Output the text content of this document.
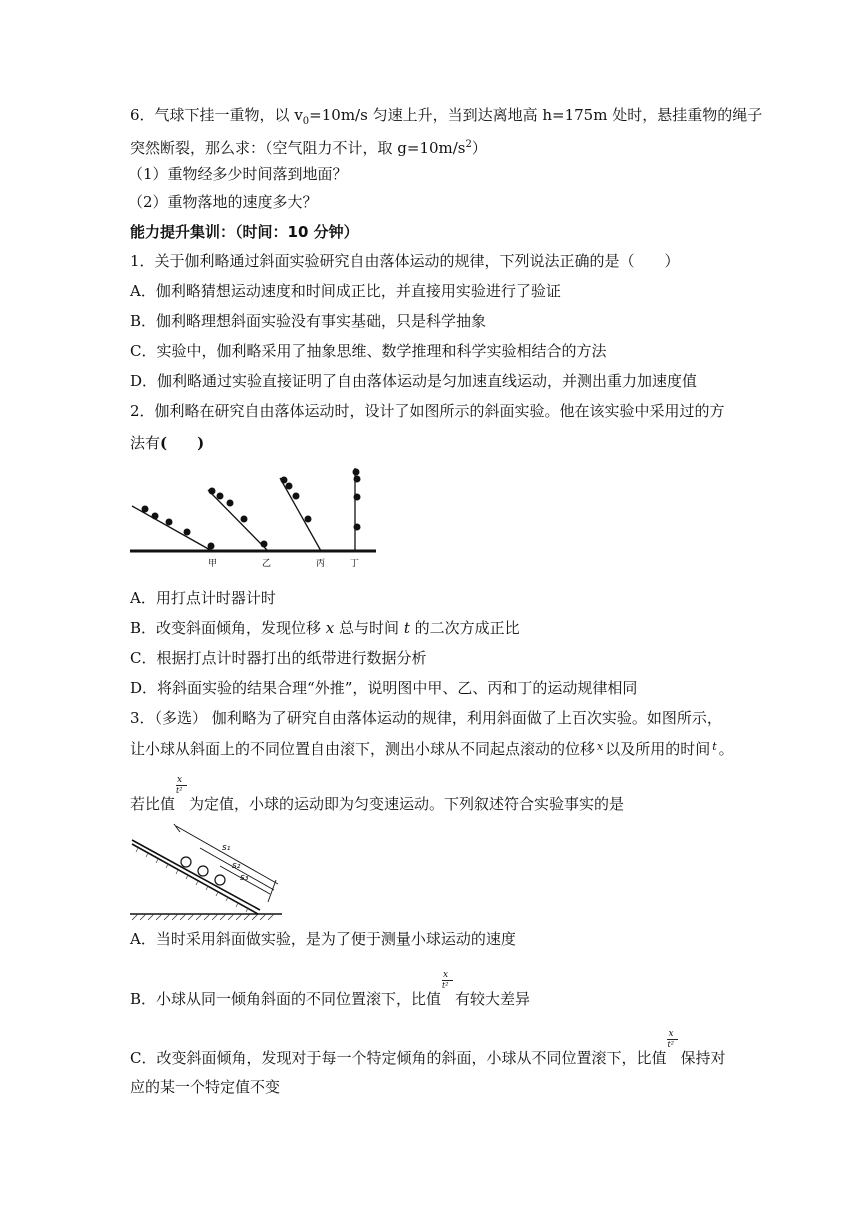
6．气球下挂一重物，以 $v_0=10m/s$ 匀速上升，当到达离地高 h=175m 处时，悬挂重物的绳子
突然断裂，那么求：（空气阻力不计，取 $g=10m/s^2$）
（1）重物经多少时间落到地面？
（2）重物落地的速度多大？
能力提升集训：（时间：10 分钟）
1．关于伽利略通过斜面实验研究自由落体运动的规律，下列说法正确的是（　　）
A．伽利略猜想运动速度和时间成正比，并直接用实验进行了验证
B．伽利略理想斜面实验没有事实基础，只是科学抽象
C．实验中，伽利略采用了抽象思维、数学推理和科学实验相结合的方法
D．伽利略通过实验直接证明了自由落体运动是匀加速直线运动，并测出重力加速度值
2．伽利略在研究自由落体运动时，设计了如图所示的斜面实验。他在该实验中采用过的方
法有(　　)
甲	乙	丙	丁
A．用打点计时器计时
B．改变斜面倾角，发现位移 x 总与时间 t 的二次方成正比
C．根据打点计时器打出的纸带进行数据分析
D．将斜面实验的结果合理“外推”，说明图中甲、乙、丙和丁的运动规律相同
3．（多选） 伽利略为了研究自由落体运动的规律，利用斜面做了上百次实验。如图所示，
让小球从斜面上的不同位置自由滚下，测出小球从不同起点滚动的位移 $^x$ 以及所用的时间 $^t$ 。
若比值 $\frac{x}{\text{t²}}$ 为定值，小球的运动即为匀变速运动。下列叙述符合实验事实的是
s₁
s₂
s₃
A．当时采用斜面做实验，是为了便于测量小球运动的速度
B．小球从同一倾角斜面的不同位置滚下，比值 $\frac{x}{\text{t²}}$ 有较大差异
C．改变斜面倾角，发现对于每一个特定倾角的斜面，小球从不同位置滚下，比值 $\frac{x}{\text{t²}}$ 保持对
应的某一个特定值不变
